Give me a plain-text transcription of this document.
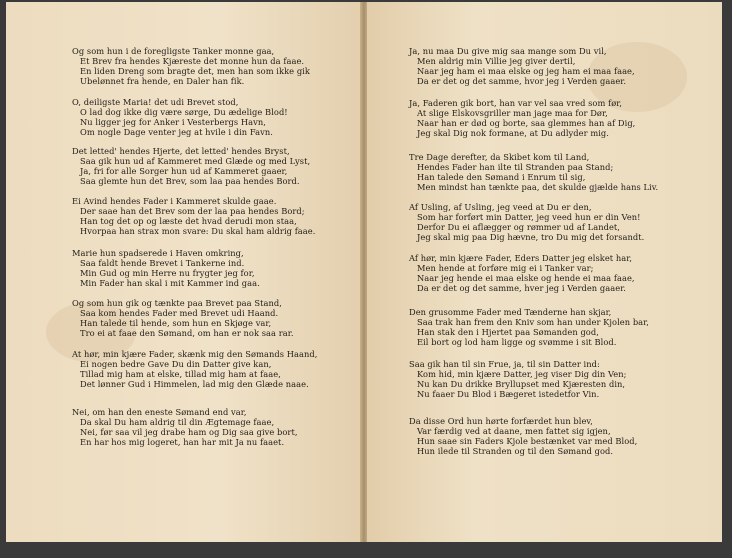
Og som hun i de foregligste Tanker monne gaa,
Et Brev fra hendes Kjæreste det monne hun da faae.
En liden Dreng som bragte det, men han som ikke gik
Ubelønnet fra hende, en Daler han fik.
O, deiligste Maria! det udi Brevet stod,
O lad dog ikke dig være sørge, Du ædelige Blod!
Nu ligger jeg for Anker i Vesterbergs Havn,
Om nogle Dage venter jeg at hvile i din Favn.
Det letted' hendes Hjerte, det letted' hendes Bryst,
Saa gik hun ud af Kammeret med Glæde og med Lyst,
Ja, fri for alle Sorger hun ud af Kammeret gaaer,
Saa glemte hun det Brev, som laa paa hendes Bord.
Ei Avind hendes Fader i Kammeret skulde gaae.
Der saae han det Brev som der laa paa hendes Bord;
Han tog det op og læste det hvad derudi mon staa,
Hvorpaa han strax mon svare: Du skal ham aldrig faae.
Marie hun spadserede i Haven omkring,
Saa faldt hende Brevet i Tankerne ind.
Min Gud og min Herre nu frygter jeg for,
Min Fader han skal i mit Kammer ind gaa.
Og som hun gik og tænkte paa Brevet paa Stand,
Saa kom hendes Fader med Brevet udi Haand.
Han talede til hende, som hun en Skjøge var,
Tro ei at faae den Sømand, om han er nok saa rar.
At hør, min kjære Fader, skænk mig den Sømands Haand,
Ei nogen bedre Gave Du din Datter give kan,
Tillad mig ham at elske, tillad mig ham at faae,
Det lønner Gud i Himmelen, lad mig den Glæde naae.
Nei, om han den eneste Sømand end var,
Da skal Du ham aldrig til din Ægtemage faae,
Nei, før saa vil jeg drabe ham og Dig saa give bort,
En har hos mig logeret, han har mit Ja nu faaet.
Ja, nu maa Du give mig saa mange som Du vil,
Men aldrig min Villie jeg giver dertil,
Naar jeg ham ei maa elske og jeg ham ei maa faae,
Da er det og det samme, hvor jeg i Verden gaaer.
Ja, Faderen gik bort, han var vel saa vred som før,
At slige Elskovsgriller man jage maa for Dør,
Naar han er død og borte, saa glemmes han af Dig,
Jeg skal Dig nok formane, at Du adlyder mig.
Tre Dage derefter, da Skibet kom til Land,
Hendes Fader han ilte til Stranden paa Stand;
Han talede den Sømand i Enrum til sig,
Men mindst han tænkte paa, det skulde gjælde hans Liv.
Af Usling, af Usling, jeg veed at Du er den,
Som har forført min Datter, jeg veed hun er din Ven!
Derfor Du ei aflægger og rømmer ud af Landet,
Jeg skal mig paa Dig hævne, tro Du mig det forsandt.
Af hør, min kjære Fader, Eders Datter jeg elsket har,
Men hende at forføre mig ei i Tanker var;
Naar jeg hende ei maa elske og hende ei maa faae,
Da er det og det samme, hver jeg i Verden gaaer.
Den grusomme Fader med Tænderne han skjar,
Saa trak han frem den Kniv som han under Kjolen bar,
Han stak den i Hjertet paa Sømanden god,
Eil bort og lod ham ligge og svømme i sit Blod.
Saa gik han til sin Frue, ja, til sin Datter ind:
Kom hid, min kjære Datter, jeg viser Dig din Ven;
Nu kan Du drikke Bryllupset med Kjæresten din,
Nu faaer Du Blod i Bægeret istedetfor Vin.
Da disse Ord hun hørte forfærdet hun blev,
Var færdig ved at daane, men fattet sig igjen,
Hun saae sin Faders Kjole bestænket var med Blod,
Hun ilede til Stranden og til den Sømand god.
